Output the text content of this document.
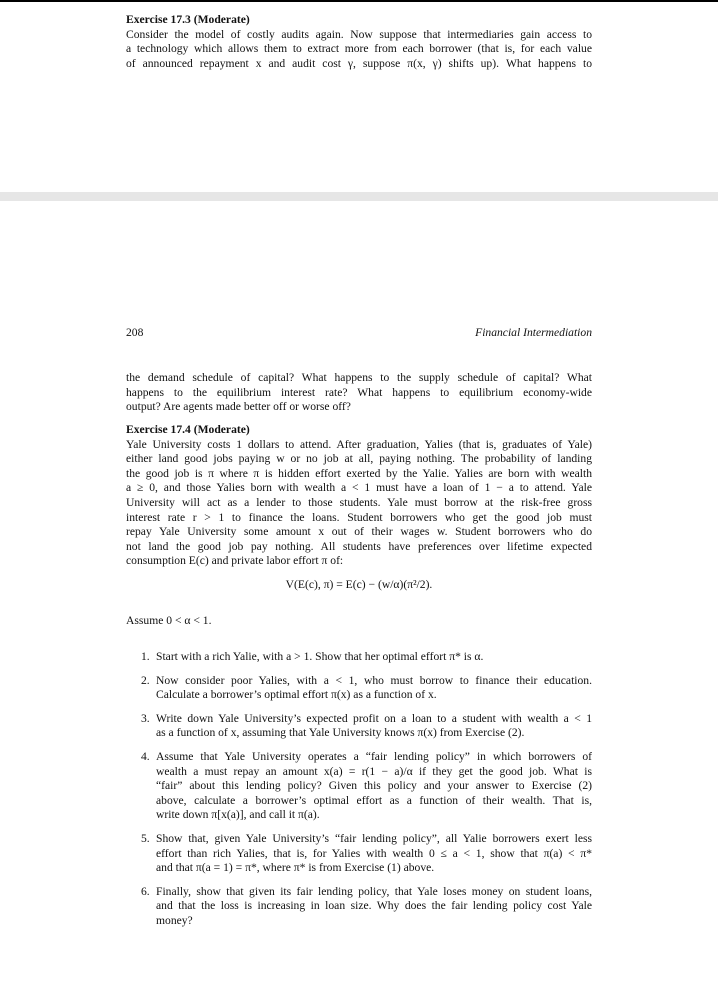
Exercise 17.3 (Moderate)
Consider the model of costly audits again. Now suppose that intermediaries gain access to
a technology which allows them to extract more from each borrower (that is, for each value
of announced repayment x and audit cost γ, suppose π(x, γ) shifts up). What happens to
208	Financial Intermediation
the demand schedule of capital? What happens to the supply schedule of capital? What
happens to the equilibrium interest rate? What happens to equilibrium economy-wide
output? Are agents made better off or worse off?
Exercise 17.4 (Moderate)
Yale University costs 1 dollars to attend. After graduation, Yalies (that is, graduates of Yale)
either land good jobs paying w or no job at all, paying nothing. The probability of landing
the good job is π where π is hidden effort exerted by the Yalie. Yalies are born with wealth
a ≥ 0, and those Yalies born with wealth a < 1 must have a loan of 1 − a to attend. Yale
University will act as a lender to those students. Yale must borrow at the risk-free gross
interest rate r > 1 to finance the loans. Student borrowers who get the good job must
repay Yale University some amount x out of their wages w. Student borrowers who do
not land the good job pay nothing. All students have preferences over lifetime expected
consumption E(c) and private labor effort π of:
V(E(c), π) = E(c) − (w/α)(π²/2).
Assume 0 < α < 1.
1. Start with a rich Yalie, with a > 1. Show that her optimal effort π* is α.
2. Now consider poor Yalies, with a < 1, who must borrow to finance their education.
Calculate a borrower’s optimal effort π(x) as a function of x.
3. Write down Yale University’s expected profit on a loan to a student with wealth a < 1
as a function of x, assuming that Yale University knows π(x) from Exercise (2).
4. Assume that Yale University operates a “fair lending policy” in which borrowers of
wealth a must repay an amount x(a) = r(1 − a)/α if they get the good job. What is
“fair” about this lending policy? Given this policy and your answer to Exercise (2)
above, calculate a borrower’s optimal effort as a function of their wealth. That is,
write down π[x(a)], and call it π(a).
5. Show that, given Yale University’s “fair lending policy”, all Yalie borrowers exert less
effort than rich Yalies, that is, for Yalies with wealth 0 ≤ a < 1, show that π(a) < π*
and that π(a = 1) = π*, where π* is from Exercise (1) above.
6. Finally, show that given its fair lending policy, that Yale loses money on student loans,
and that the loss is increasing in loan size. Why does the fair lending policy cost Yale
money?
